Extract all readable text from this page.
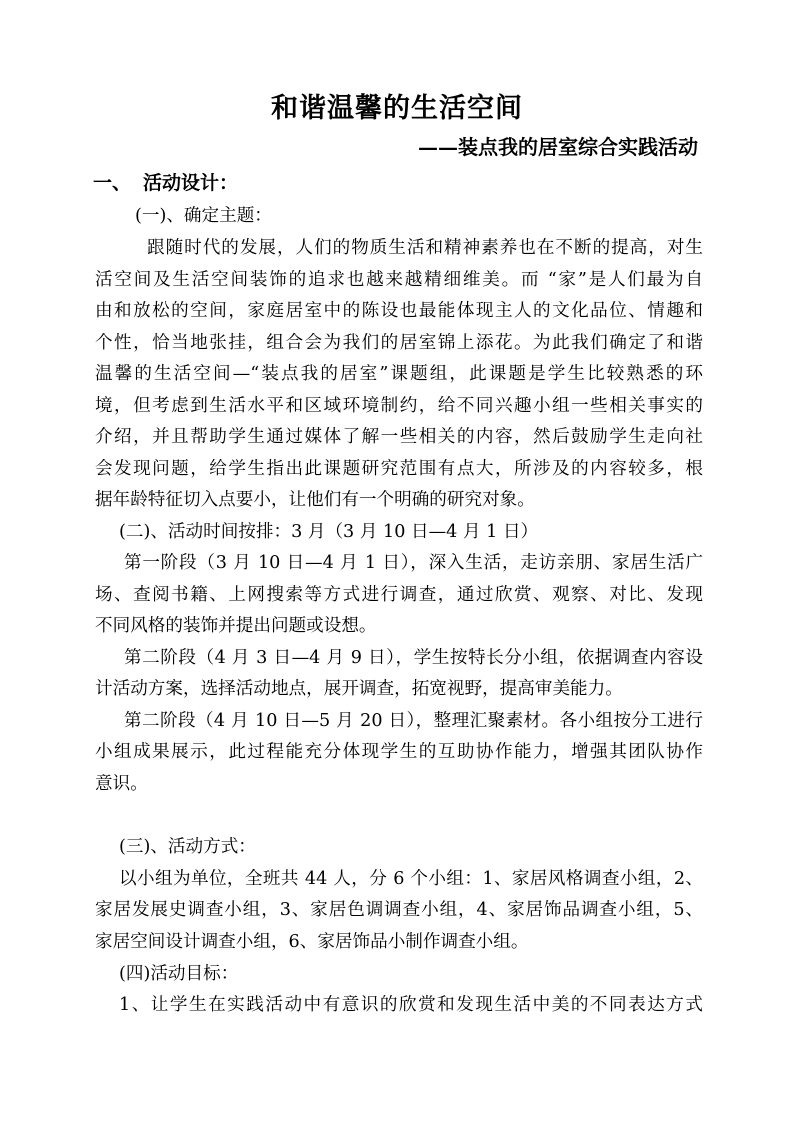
和谐温馨的生活空间
——装点我的居室综合实践活动
一、 活动设计：
(一)、确定主题：
跟随时代的发展，人们的物质生活和精神素养也在不断的提高，对生
活空间及生活空间装饰的追求也越来越精细维美。而 “家”是人们最为自
由和放松的空间，家庭居室中的陈设也最能体现主人的文化品位、情趣和
个性，恰当地张挂，组合会为我们的居室锦上添花。为此我们确定了和谐
温馨的生活空间—“装点我的居室”课题组，此课题是学生比较熟悉的环
境，但考虑到生活水平和区域环境制约，给不同兴趣小组一些相关事实的
介绍，并且帮助学生通过媒体了解一些相关的内容，然后鼓励学生走向社
会发现问题，给学生指出此课题研究范围有点大，所涉及的内容较多，根
据年龄特征切入点要小，让他们有一个明确的研究对象。
(二)、活动时间按排：3 月（3 月 10 日—4 月 1 日）
第一阶段（3 月 10 日—4 月 1 日），深入生活，走访亲朋、家居生活广
场、查阅书籍、上网搜索等方式进行调查，通过欣赏、观察、对比、发现
不同风格的装饰并提出问题或设想。
第二阶段（4 月 3 日—4 月 9 日），学生按特长分小组，依据调查内容设
计活动方案，选择活动地点，展开调查，拓宽视野，提高审美能力。
第二阶段（4 月 10 日—5 月 20 日），整理汇聚素材。各小组按分工进行
小组成果展示，此过程能充分体现学生的互助协作能力，增强其团队协作
意识。
(三)、活动方式：
以小组为单位，全班共 44 人，分 6 个小组：1、家居风格调查小组，2、
家居发展史调查小组，3、家居色调调查小组，4、家居饰品调查小组，5、
家居空间设计调查小组，6、家居饰品小制作调查小组。
(四)活动目标：
1、让学生在实践活动中有意识的欣赏和发现生活中美的不同表达方式
